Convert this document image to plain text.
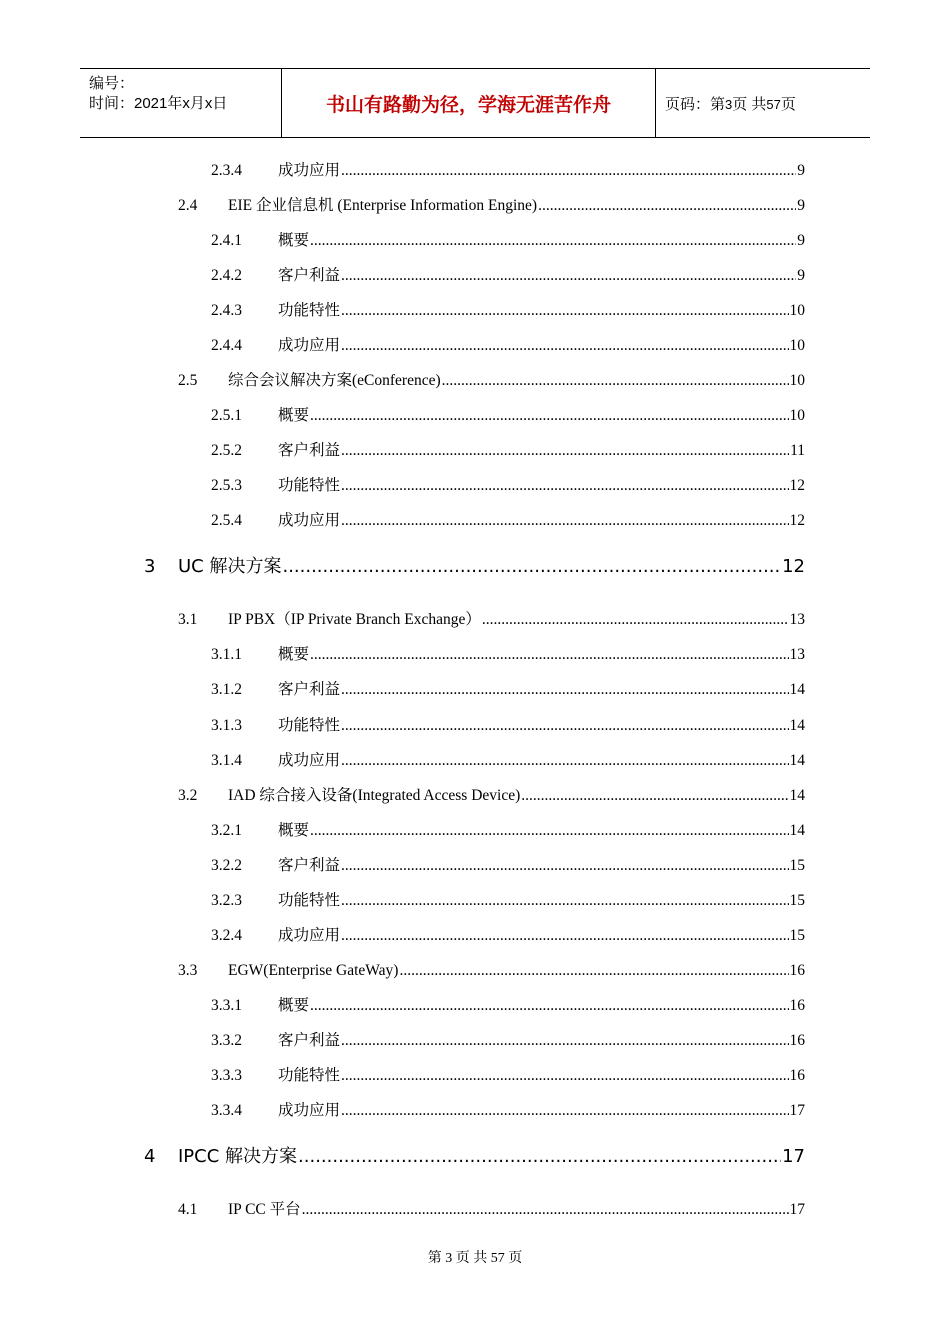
编号：
时间：2021年x月x日	书山有路勤为径，学海无涯苦作舟	页码：第3页 共57页
2.3.4	成功应用 .....	9
2.4	EIE 企业信息机 (Enterprise Information Engine) .....	9
2.4.1	概要 .....	9
2.4.2	客户利益 .....	9
2.4.3	功能特性 .....	10
2.4.4	成功应用 .....	10
2.5	综合会议解决方案(eConference) .....	10
2.5.1	概要 .....	10
2.5.2	客户利益 .....	11
2.5.3	功能特性 .....	12
2.5.4	成功应用 .....	12
3	UC 解决方案 .....	12
3.1	IP PBX（IP Private Branch Exchange） .....	13
3.1.1	概要 .....	13
3.1.2	客户利益 .....	14
3.1.3	功能特性 .....	14
3.1.4	成功应用 .....	14
3.2	IAD 综合接入设备(Integrated Access Device) .....	14
3.2.1	概要 .....	14
3.2.2	客户利益 .....	15
3.2.3	功能特性 .....	15
3.2.4	成功应用 .....	15
3.3	EGW(Enterprise GateWay) .....	16
3.3.1	概要 .....	16
3.3.2	客户利益 .....	16
3.3.3	功能特性 .....	16
3.3.4	成功应用 .....	17
4	IPCC 解决方案 .....	17
4.1	IP CC 平台 .....	17
第 3 页 共 57 页
